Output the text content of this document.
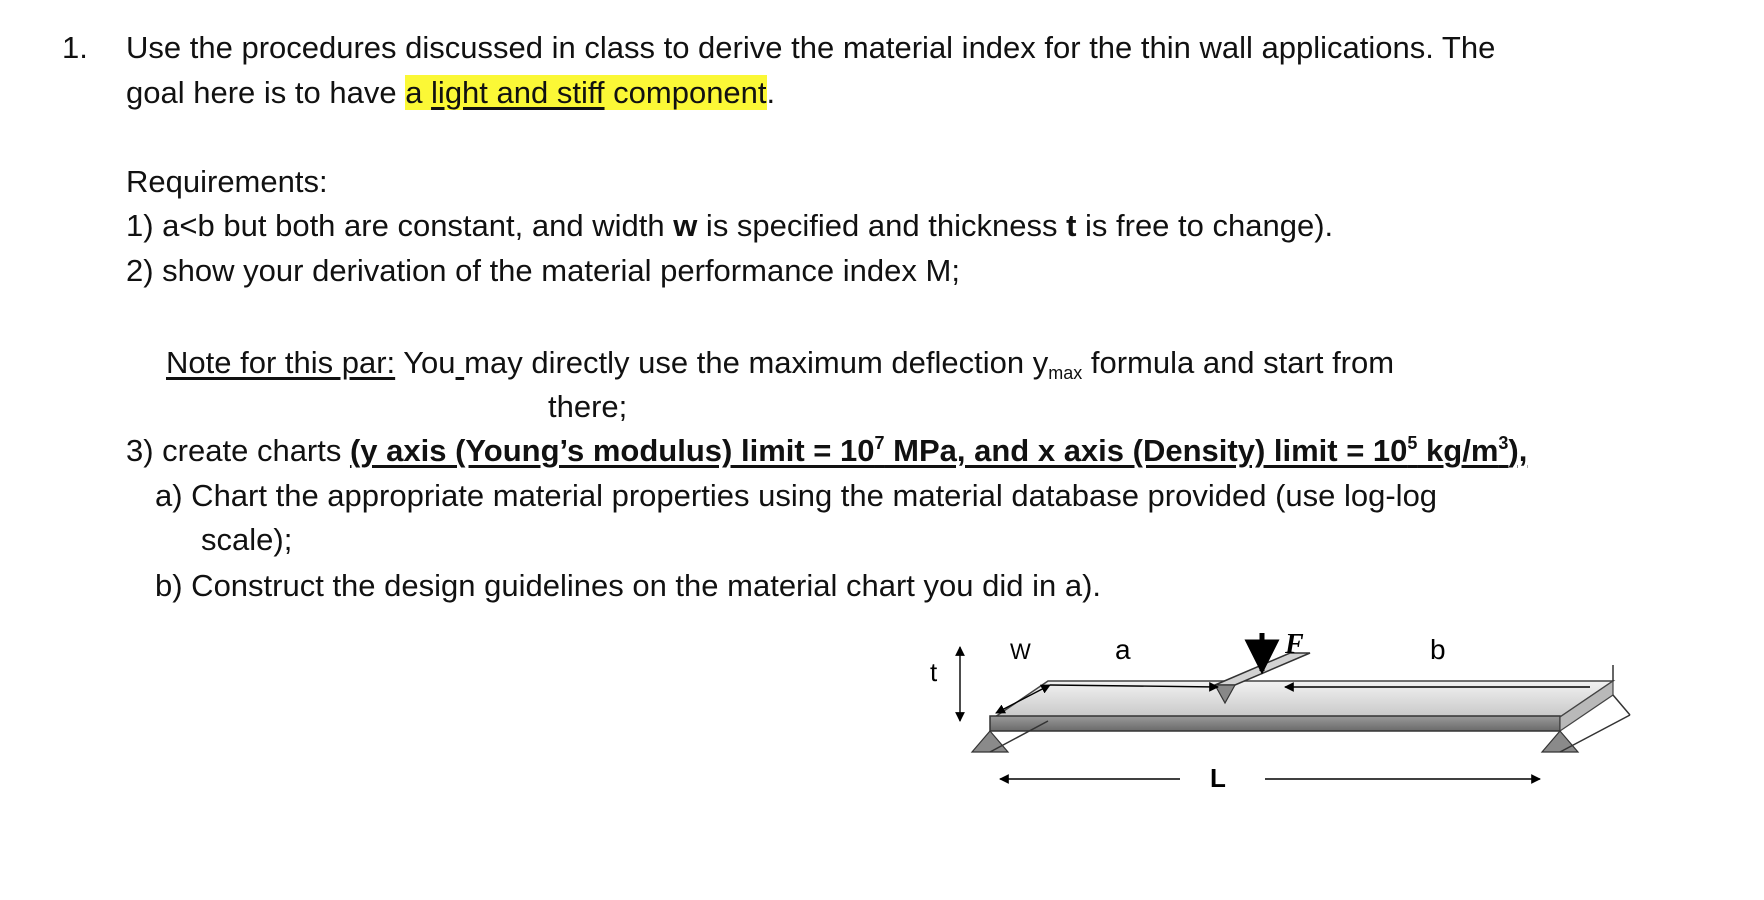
1. Use the procedures discussed in class to derive the material index for the thin wall applications. The
goal here is to have a light and stiff component.
Requirements:
1) a<b but both are constant, and width w is specified and thickness t is free to change).
2) show your derivation of the material performance index M;
Note for this par: You may directly use the maximum deflection $y_{max}$ formula and start from
there;
3) create charts (y axis (Young’s modulus) limit = $10^7$ MPa, and x axis (Density) limit = $10^5$ $kg/m^3$),
a) Chart the appropriate material properties using the material database provided (use log-log
scale);
b) Construct the design guidelines on the material chart you did in a).
F
W	a	b
t
L
